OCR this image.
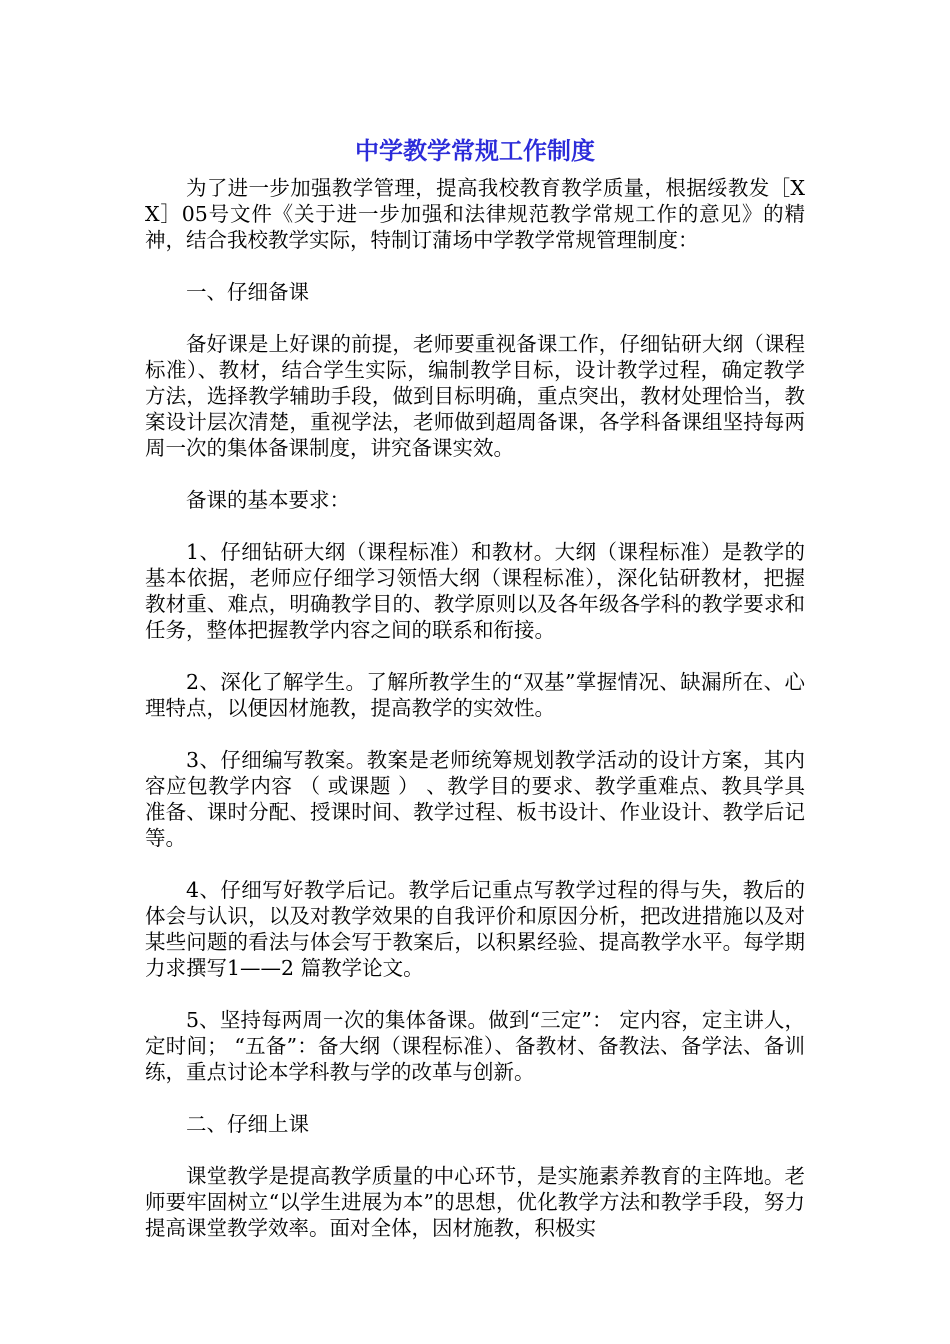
中学教学常规工作制度

为了进一步加强教学管理，提高我校教育教学质量，根据绥教发［XX］05号文件《关于进一步加强和法律规范教学常规工作的意见》的精神，结合我校教学实际，特制订蒲场中学教学常规管理制度：

一、仔细备课

备好课是上好课的前提，老师要重视备课工作，仔细钻研大纲（课程标准）、教材，结合学生实际，编制教学目标，设计教学过程，确定教学方法，选择教学辅助手段，做到目标明确，重点突出，教材处理恰当，教案设计层次清楚，重视学法，老师做到超周备课，各学科备课组坚持每两周一次的集体备课制度，讲究备课实效。

备课的基本要求：

1、仔细钻研大纲（课程标准）和教材。大纲（课程标准）是教学的基本依据，老师应仔细学习领悟大纲（课程标准），深化钻研教材，把握教材重、难点，明确教学目的、教学原则以及各年级各学科的教学要求和任务，整体把握教学内容之间的联系和衔接。

2、深化了解学生。了解所教学生的“双基”掌握情况、缺漏所在、心理特点，以便因材施教，提高教学的实效性。

3、仔细编写教案。教案是老师统筹规划教学活动的设计方案，其内容应包教学内容 （ 或课题 ） 、教学目的要求、教学重难点、教具学具准备、课时分配、授课时间、教学过程、板书设计、作业设计、教学后记等。

4、仔细写好教学后记。教学后记重点写教学过程的得与失，教后的体会与认识，以及对教学效果的自我评价和原因分析，把改进措施以及对某些问题的看法与体会写于教案后，以积累经验、提高教学水平。每学期力求撰写1——2 篇教学论文。

5、坚持每两周一次的集体备课。做到“三定”： 定内容，定主讲人，定时间； “五备”：备大纲（课程标准）、备教材、备教法、备学法、备训练，重点讨论本学科教与学的改革与创新。

二、仔细上课

课堂教学是提高教学质量的中心环节，是实施素养教育的主阵地。老师要牢固树立“以学生进展为本”的思想，优化教学方法和教学手段，努力提高课堂教学效率。面对全体，因材施教，积极实
